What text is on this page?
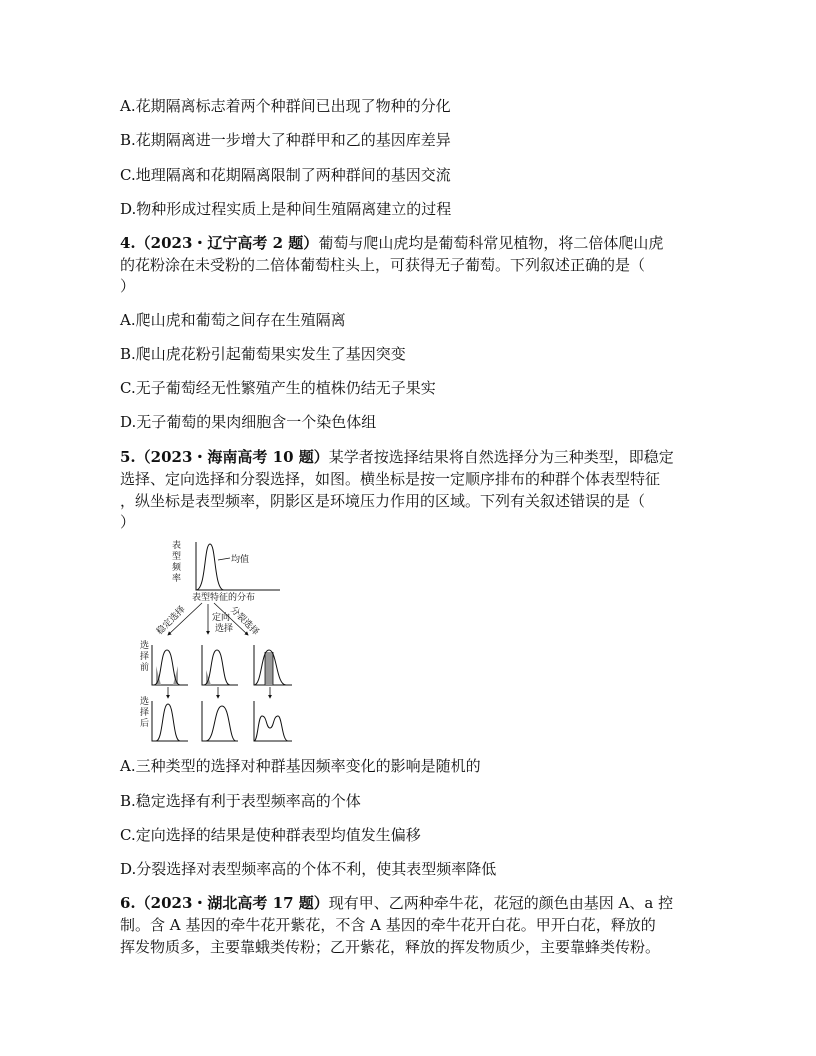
A.花期隔离标志着两个种群间已出现了物种的分化
B.花期隔离进一步增大了种群甲和乙的基因库差异
C.地理隔离和花期隔离限制了两种群间的基因交流
D.物种形成过程实质上是种间生殖隔离建立的过程
4.（2023・辽宁高考 2 题）葡萄与爬山虎均是葡萄科常见植物，将二倍体爬山虎
的花粉涂在未受粉的二倍体葡萄柱头上，可获得无子葡萄。下列叙述正确的是（
）
A.爬山虎和葡萄之间存在生殖隔离
B.爬山虎花粉引起葡萄果实发生了基因突变
C.无子葡萄经无性繁殖产生的植株仍结无子果实
D.无子葡萄的果肉细胞含一个染色体组
5.（2023・海南高考 10 题）某学者按选择结果将自然选择分为三种类型，即稳定
选择、定向选择和分裂选择，如图。横坐标是按一定顺序排布的种群个体表型特征
，纵坐标是表型频率，阴影区是环境压力作用的区域。下列有关叙述错误的是（
）
表型频率
均值
表型特征的分布
稳定选择	定向选择
分裂选择
选择前
选择后
A.三种类型的选择对种群基因频率变化的影响是随机的
B.稳定选择有利于表型频率高的个体
C.定向选择的结果是使种群表型均值发生偏移
D.分裂选择对表型频率高的个体不利，使其表型频率降低
6.（2023・湖北高考 17 题）现有甲、乙两种牵牛花，花冠的颜色由基因 A、a 控
制。含 A 基因的牵牛花开紫花，不含 A 基因的牵牛花开白花。甲开白花，释放的
挥发物质多，主要靠蛾类传粉；乙开紫花，释放的挥发物质少，主要靠蜂类传粉。
